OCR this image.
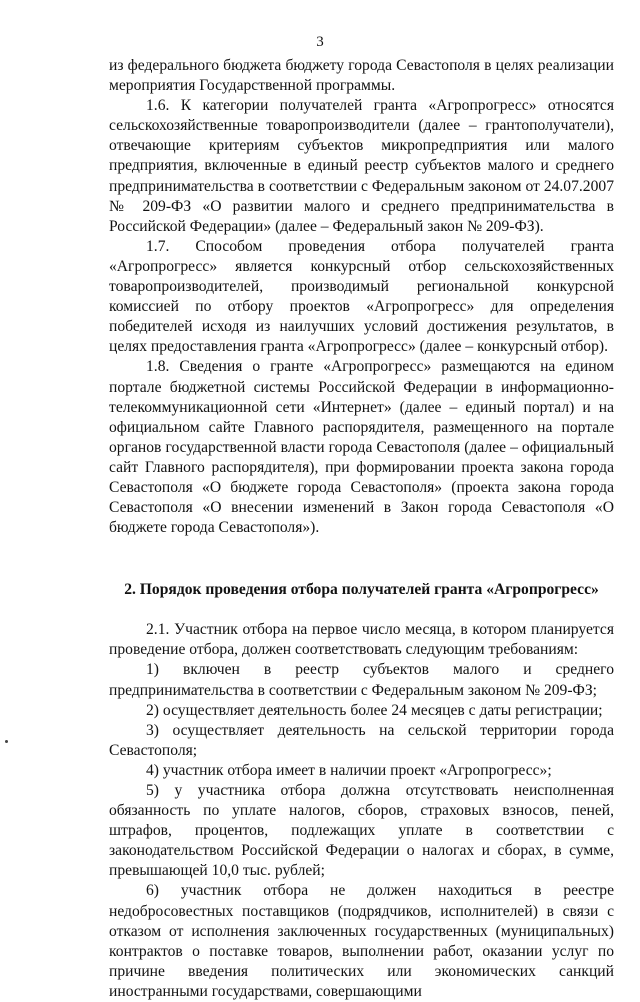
3

из федерального бюджета бюджету города Севастополя в целях реализации мероприятия Государственной программы.

1.6. К категории получателей гранта «Агропрогресс» относятся сельскохозяйственные товаропроизводители (далее – грантополучатели), отвечающие критериям субъектов микропредприятия или малого предприятия, включенные в единый реестр субъектов малого и среднего предпринимательства в соответствии с Федеральным законом от 24.07.2007 № 209-ФЗ «О развитии малого и среднего предпринимательства в Российской Федерации» (далее – Федеральный закон № 209-ФЗ).

1.7. Способом проведения отбора получателей гранта «Агропрогресс» является конкурсный отбор сельскохозяйственных товаропроизводителей, производимый региональной конкурсной комиссией по отбору проектов «Агропрогресс» для определения победителей исходя из наилучших условий достижения результатов, в целях предоставления гранта «Агропрогресс» (далее – конкурсный отбор).

1.8. Сведения о гранте «Агропрогресс» размещаются на едином портале бюджетной системы Российской Федерации в информационно-телекоммуникационной сети «Интернет» (далее – единый портал) и на официальном сайте Главного распорядителя, размещенного на портале органов государственной власти города Севастополя (далее – официальный сайт Главного распорядителя), при формировании проекта закона города Севастополя «О бюджете города Севастополя» (проекта закона города Севастополя «О внесении изменений в Закон города Севастополя «О бюджете города Севастополя»).

2. Порядок проведения отбора получателей гранта «Агропрогресс»

2.1. Участник отбора на первое число месяца, в котором планируется проведение отбора, должен соответствовать следующим требованиям:

1) включен в реестр субъектов малого и среднего предпринимательства в соответствии с Федеральным законом № 209-ФЗ;

2) осуществляет деятельность более 24 месяцев с даты регистрации;

3) осуществляет деятельность на сельской территории города Севастополя;

4) участник отбора имеет в наличии проект «Агропрогресс»;

5) у участника отбора должна отсутствовать неисполненная обязанность по уплате налогов, сборов, страховых взносов, пеней, штрафов, процентов, подлежащих уплате в соответствии с законодательством Российской Федерации о налогах и сборах, в сумме, превышающей 10,0 тыс. рублей;

6) участник отбора не должен находиться в реестре недобросовестных поставщиков (подрядчиков, исполнителей) в связи с отказом от исполнения заключенных государственных (муниципальных) контрактов о поставке товаров, выполнении работ, оказании услуг по причине введения политических или экономических санкций иностранными государствами, совершающими
